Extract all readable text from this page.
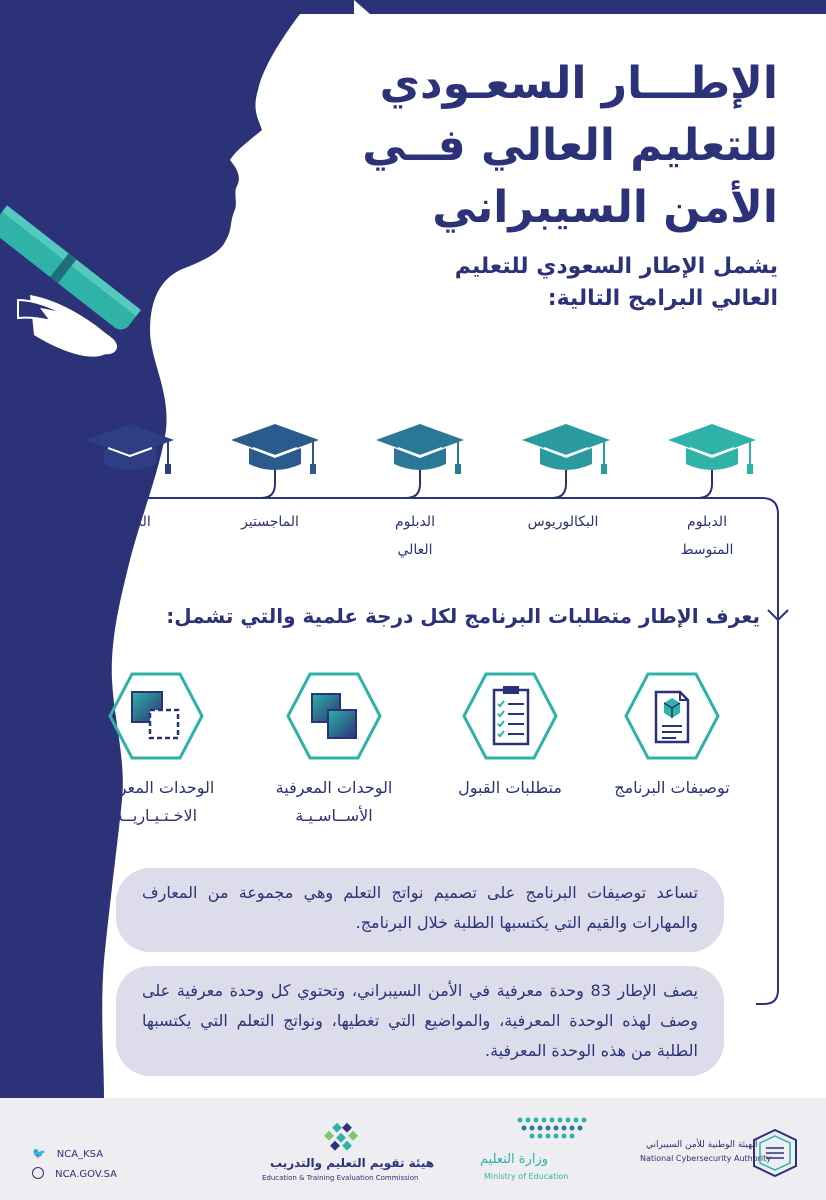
الإطـــار السعـودي
للتعليم العالي فــي
الأمن السيبراني
يشمل الإطار السعودي للتعليم
العالي البرامج التالية:
الدبلوم
المتوسط
البكالوريوس
الدبلوم
العالي
الماجستير
الدكتوراه
يعرف الإطار متطلبات البرنامج لكل درجة علمية والتي تشمل:
توصيفات البرنامج
متطلبات القبول
الوحدات المعرفية
الأســاسـيـة
الوحدات المعرفية
الاخـتـيـاريــة
تساعد توصيفات البرنامج على تصميم نواتج التعلم وهي مجموعة من المعارف والمهارات والقيم التي يكتسبها الطلبة خلال البرنامج.
يصف الإطار 83 وحدة معرفية في الأمن السيبراني، وتحتوي كل وحدة معرفية على وصف لهذه الوحدة المعرفية، والمواضيع التي تغطيها، ونواتج التعلم التي يكتسبها الطلبة من هذه الوحدة المعرفية.
🐦 NCA_KSA
NCA.GOV.SA
هيئة تقويم التعليم والتدريب
Education & Training Evaluation Commission
وزارة التعليم
Ministry of Education
الهيئة الوطنية للأمن السيبراني
National Cybersecurity Authority
